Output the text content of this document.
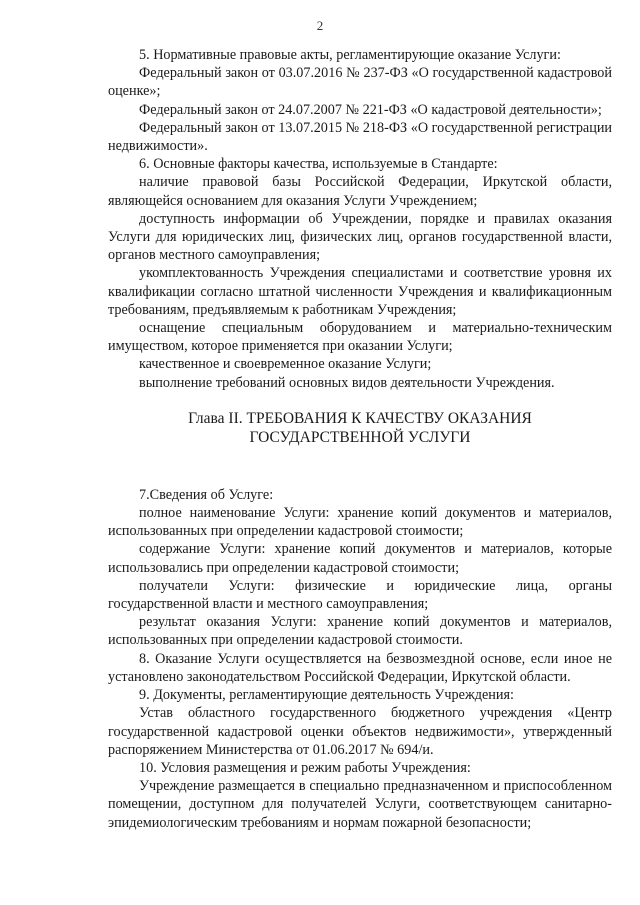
2

5. Нормативные правовые акты, регламентирующие оказание Услуги:

Федеральный закон от 03.07.2016 № 237-ФЗ «О государственной кадастровой оценке»;

Федеральный закон от 24.07.2007 № 221-ФЗ «О кадастровой деятельности»;

Федеральный закон от 13.07.2015 № 218-ФЗ «О государственной регистрации недвижимости».

6. Основные факторы качества, используемые в Стандарте:

наличие правовой базы Российской Федерации, Иркутской области, являющейся основанием для оказания Услуги Учреждением;

доступность информации об Учреждении, порядке и правилах оказания Услуги для юридических лиц, физических лиц, органов государственной власти, органов местного самоуправления;

укомплектованность Учреждения специалистами и соответствие уровня их квалификации согласно штатной численности Учреждения и квалификационным требованиям, предъявляемым к работникам Учреждения;

оснащение специальным оборудованием и материально-техническим имуществом, которое применяется при оказании Услуги;

качественное и своевременное оказание Услуги;

выполнение требований основных видов деятельности Учреждения.

Глава II. ТРЕБОВАНИЯ К КАЧЕСТВУ ОКАЗАНИЯ
ГОСУДАРСТВЕННОЙ УСЛУГИ

7.Сведения об Услуге:

полное наименование Услуги: хранение копий документов и материалов, использованных при определении кадастровой стоимости;

содержание Услуги: хранение копий документов и материалов, которые использовались при определении кадастровой стоимости;

получатели Услуги: физические и юридические лица, органы государственной власти и местного самоуправления;

результат оказания Услуги: хранение копий документов и материалов, использованных при определении кадастровой стоимости.

8. Оказание Услуги осуществляется на безвозмездной основе, если иное не установлено законодательством Российской Федерации, Иркутской области.

9. Документы, регламентирующие деятельность Учреждения:

Устав областного государственного бюджетного учреждения «Центр государственной кадастровой оценки объектов недвижимости», утвержденный распоряжением Министерства от 01.06.2017 № 694/и.

10. Условия размещения и режим работы Учреждения:

Учреждение размещается в специально предназначенном и приспособленном помещении, доступном для получателей Услуги, соответствующем санитарно-эпидемиологическим требованиям и нормам пожарной безопасности;
